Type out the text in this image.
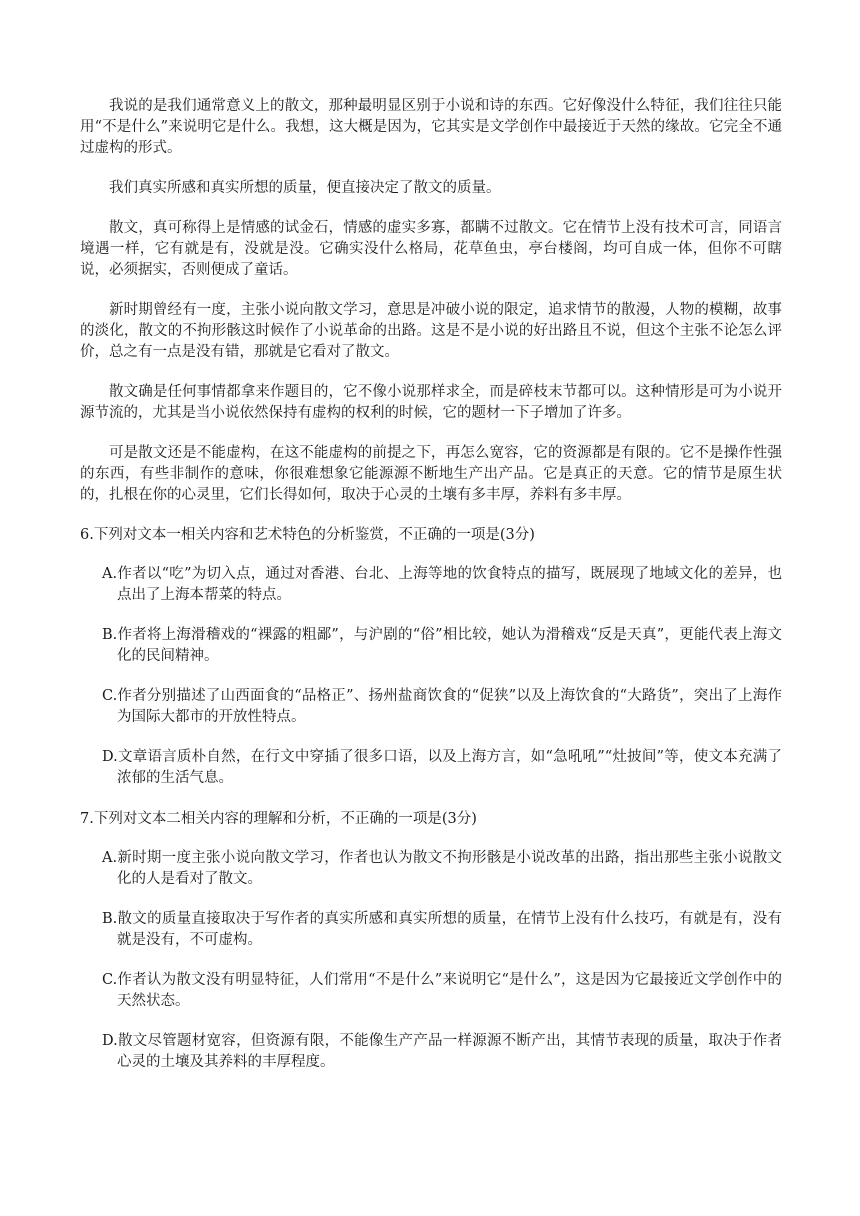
我说的是我们通常意义上的散文，那种最明显区别于小说和诗的东西。它好像没什么特征，我们往往只能用“不是什么”来说明它是什么。我想，这大概是因为，它其实是文学创作中最接近于天然的缘故。它完全不通过虚构的形式。

我们真实所感和真实所想的质量，便直接决定了散文的质量。

散文，真可称得上是情感的试金石，情感的虚实多寡，都瞒不过散文。它在情节上没有技术可言，同语言境遇一样，它有就是有，没就是没。它确实没什么格局，花草鱼虫，亭台楼阁，均可自成一体，但你不可瞎说，必须据实，否则便成了童话。

新时期曾经有一度，主张小说向散文学习，意思是冲破小说的限定，追求情节的散漫，人物的模糊，故事的淡化，散文的不拘形骸这时候作了小说革命的出路。这是不是小说的好出路且不说，但这个主张不论怎么评价，总之有一点是没有错，那就是它看对了散文。

散文确是任何事情都拿来作题目的，它不像小说那样求全，而是碎枝末节都可以。这种情形是可为小说开源节流的，尤其是当小说依然保持有虚构的权利的时候，它的题材一下子增加了许多。

可是散文还是不能虚构，在这不能虚构的前提之下，再怎么宽容，它的资源都是有限的。它不是操作性强的东西，有些非制作的意味，你很难想象它能源源不断地生产出产品。它是真正的天意。它的情节是原生状的，扎根在你的心灵里，它们长得如何，取决于心灵的土壤有多丰厚，养料有多丰厚。

6.下列对文本一相关内容和艺术特色的分析鉴赏，不正确的一项是(3分)

A.作者以“吃”为切入点，通过对香港、台北、上海等地的饮食特点的描写，既展现了地域文化的差异，也点出了上海本帮菜的特点。

B.作者将上海滑稽戏的“裸露的粗鄙”，与沪剧的“俗”相比较，她认为滑稽戏“反是天真”，更能代表上海文化的民间精神。

C.作者分别描述了山西面食的“品格正”、扬州盐商饮食的“促狭”以及上海饮食的“大路货”，突出了上海作为国际大都市的开放性特点。

D.文章语言质朴自然，在行文中穿插了很多口语，以及上海方言，如“急吼吼”“灶披间”等，使文本充满了浓郁的生活气息。

7.下列对文本二相关内容的理解和分析，不正确的一项是(3分)

A.新时期一度主张小说向散文学习，作者也认为散文不拘形骸是小说改革的出路，指出那些主张小说散文化的人是看对了散文。

B.散文的质量直接取决于写作者的真实所感和真实所想的质量，在情节上没有什么技巧，有就是有，没有就是没有，不可虚构。

C.作者认为散文没有明显特征，人们常用“不是什么”来说明它“是什么”，这是因为它最接近文学创作中的天然状态。

D.散文尽管题材宽容，但资源有限，不能像生产产品一样源源不断产出，其情节表现的质量，取决于作者心灵的土壤及其养料的丰厚程度。
